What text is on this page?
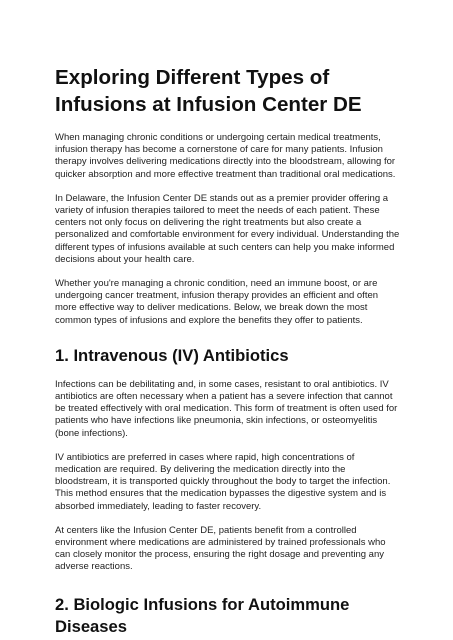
Exploring Different Types of Infusions at Infusion Center DE

When managing chronic conditions or undergoing certain medical treatments, infusion therapy has become a cornerstone of care for many patients. Infusion therapy involves delivering medications directly into the bloodstream, allowing for quicker absorption and more effective treatment than traditional oral medications.

In Delaware, the Infusion Center DE stands out as a premier provider offering a variety of infusion therapies tailored to meet the needs of each patient. These centers not only focus on delivering the right treatments but also create a personalized and comfortable environment for every individual. Understanding the different types of infusions available at such centers can help you make informed decisions about your health care.

Whether you're managing a chronic condition, need an immune boost, or are undergoing cancer treatment, infusion therapy provides an efficient and often more effective way to deliver medications. Below, we break down the most common types of infusions and explore the benefits they offer to patients.

1. Intravenous (IV) Antibiotics

Infections can be debilitating and, in some cases, resistant to oral antibiotics. IV antibiotics are often necessary when a patient has a severe infection that cannot be treated effectively with oral medication. This form of treatment is often used for patients who have infections like pneumonia, skin infections, or osteomyelitis (bone infections).

IV antibiotics are preferred in cases where rapid, high concentrations of medication are required. By delivering the medication directly into the bloodstream, it is transported quickly throughout the body to target the infection. This method ensures that the medication bypasses the digestive system and is absorbed immediately, leading to faster recovery.

At centers like the Infusion Center DE, patients benefit from a controlled environment where medications are administered by trained professionals who can closely monitor the process, ensuring the right dosage and preventing any adverse reactions.

2. Biologic Infusions for Autoimmune Diseases
